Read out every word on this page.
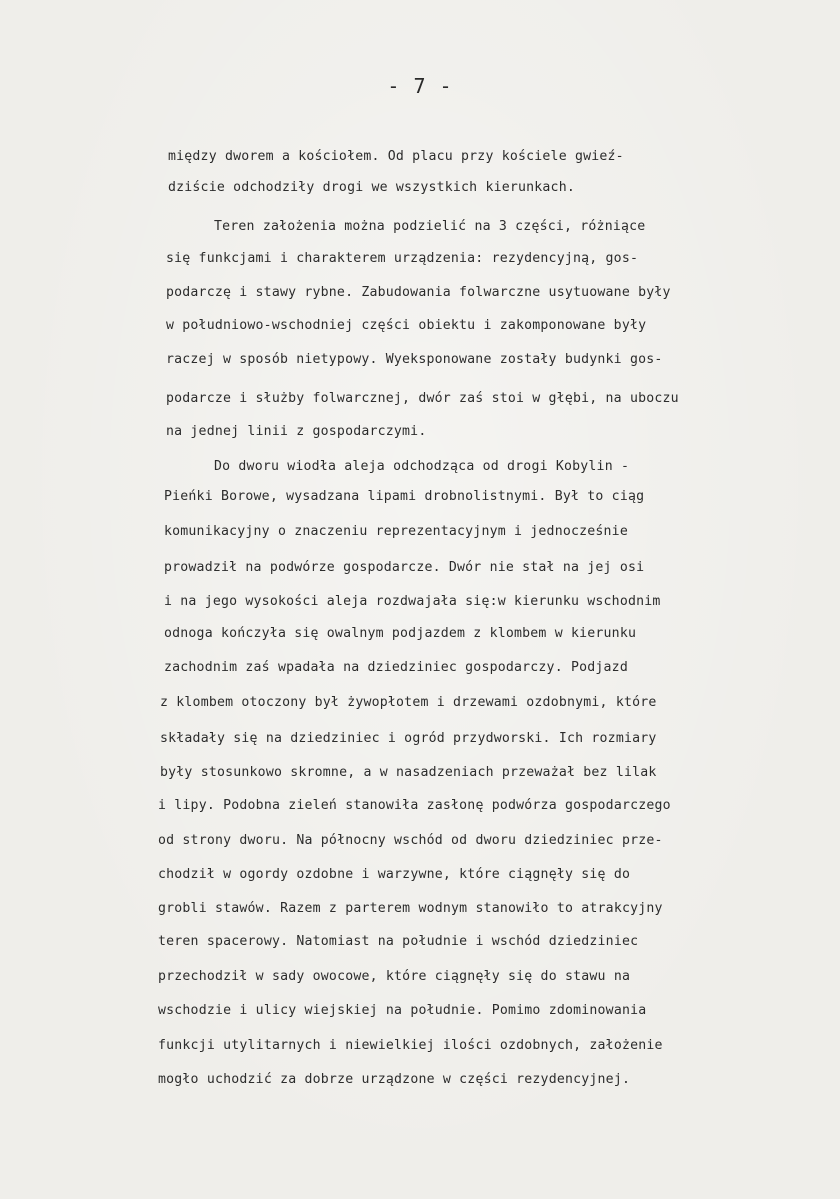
- 7 -
między dworem a kościołem. Od placu przy kościele gwieź-
dziście odchodziły drogi we wszystkich kierunkach.
Teren założenia można podzielić na 3 części, różniące
się funkcjami i charakterem urządzenia: rezydencyjną, gos-
podarczę i stawy rybne. Zabudowania folwarczne usytuowane były
w południowo-wschodniej części obiektu i zakomponowane były
raczej w sposób nietypowy. Wyeksponowane zostały budynki gos-
podarcze i służby folwarcznej, dwór zaś stoi w głębi, na uboczu
na jednej linii z gospodarczymi.
Do dworu wiodła aleja odchodząca od drogi Kobylin -
Pieńki Borowe, wysadzana lipami drobnolistnymi. Był to ciąg
komunikacyjny o znaczeniu reprezentacyjnym i jednocześnie
prowadził na podwórze gospodarcze. Dwór nie stał na jej osi
i na jego wysokości aleja rozdwajała się:w kierunku wschodnim
odnoga kończyła się owalnym podjazdem z klombem w kierunku
zachodnim zaś wpadała na dziedziniec gospodarczy. Podjazd
z klombem otoczony był żywopłotem i drzewami ozdobnymi, które
składały się na dziedziniec i ogród przydworski. Ich rozmiary
były stosunkowo skromne, a w nasadzeniach przeważał bez lilak
i lipy. Podobna zieleń stanowiła zasłonę podwórza gospodarczego
od strony dworu. Na północny wschód od dworu dziedziniec prze-
chodził w ogordy ozdobne i warzywne, które ciągnęły się do
grobli stawów. Razem z parterem wodnym stanowiło to atrakcyjny
teren spacerowy. Natomiast na południe i wschód dziedziniec
przechodził w sady owocowe, które ciągnęły się do stawu na
wschodzie i ulicy wiejskiej na południe. Pomimo zdominowania
funkcji utylitarnych i niewielkiej ilości ozdobnych, założenie
mogło uchodzić za dobrze urządzone w części rezydencyjnej.
